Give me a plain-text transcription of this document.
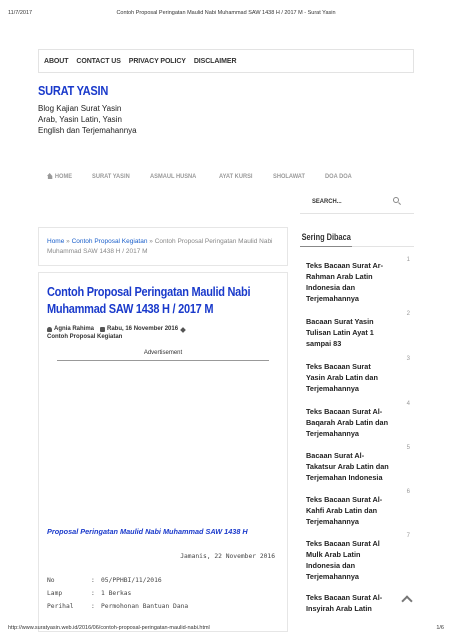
11/7/2017	Contoh Proposal Peringatan Maulid Nabi Muhammad SAW 1438 H / 2017 M - Surat Yasin
ABOUT	CONTACT US	PRIVACY POLICY	DISCLAIMER
SURAT YASIN
Blog Kajian Surat Yasin Arab, Yasin Latin, Yasin English dan Terjemahannya
HOME	SURAT YASIN	ASMAUL HUSNA	AYAT KURSI	SHOLAWAT	DOA DOA
SEARCH...
Home » Contoh Proposal Kegiatan » Contoh Proposal Peringatan Maulid Nabi Muhammad SAW 1438 H / 2017 M
Contoh Proposal Peringatan Maulid Nabi
Muhammad SAW 1438 H / 2017 M
Agnia Rahima Rabu, 16 November 2016
Contoh Proposal Kegiatan
Advertisement
Proposal Peringatan Maulid Nabi Muhammad SAW 1438 H
Jamanis, 22 November 2016
No	: 05/PPHBI/11/2016
Lamp	: 1 Berkas
Perihal	: Permohonan Bantuan Dana
Sering Dibaca
Teks Bacaan Surat Ar-
Rahman Arab Latin
Indonesia dan
Terjemahannya
1
Bacaan Surat Yasin
Tulisan Latin Ayat 1
sampai 83
2
Teks Bacaan Surat
Yasin Arab Latin dan
Terjemahannya
3
Teks Bacaan Surat Al-
Baqarah Arab Latin dan
Terjemahannya
4
Bacaan Surat Al-
Takatsur Arab Latin dan
Terjemahan Indonesia
5
Teks Bacaan Surat Al-
Kahfi Arab Latin dan
Terjemahannya
6
Teks Bacaan Surat Al
Mulk Arab Latin
Indonesia dan
Terjemahannya
7
Teks Bacaan Surat Al-
Insyirah Arab Latin
http://www.suratyasin.web.id/2016/06/contoh-proposal-peringatan-maulid-nabi.html	1/6
